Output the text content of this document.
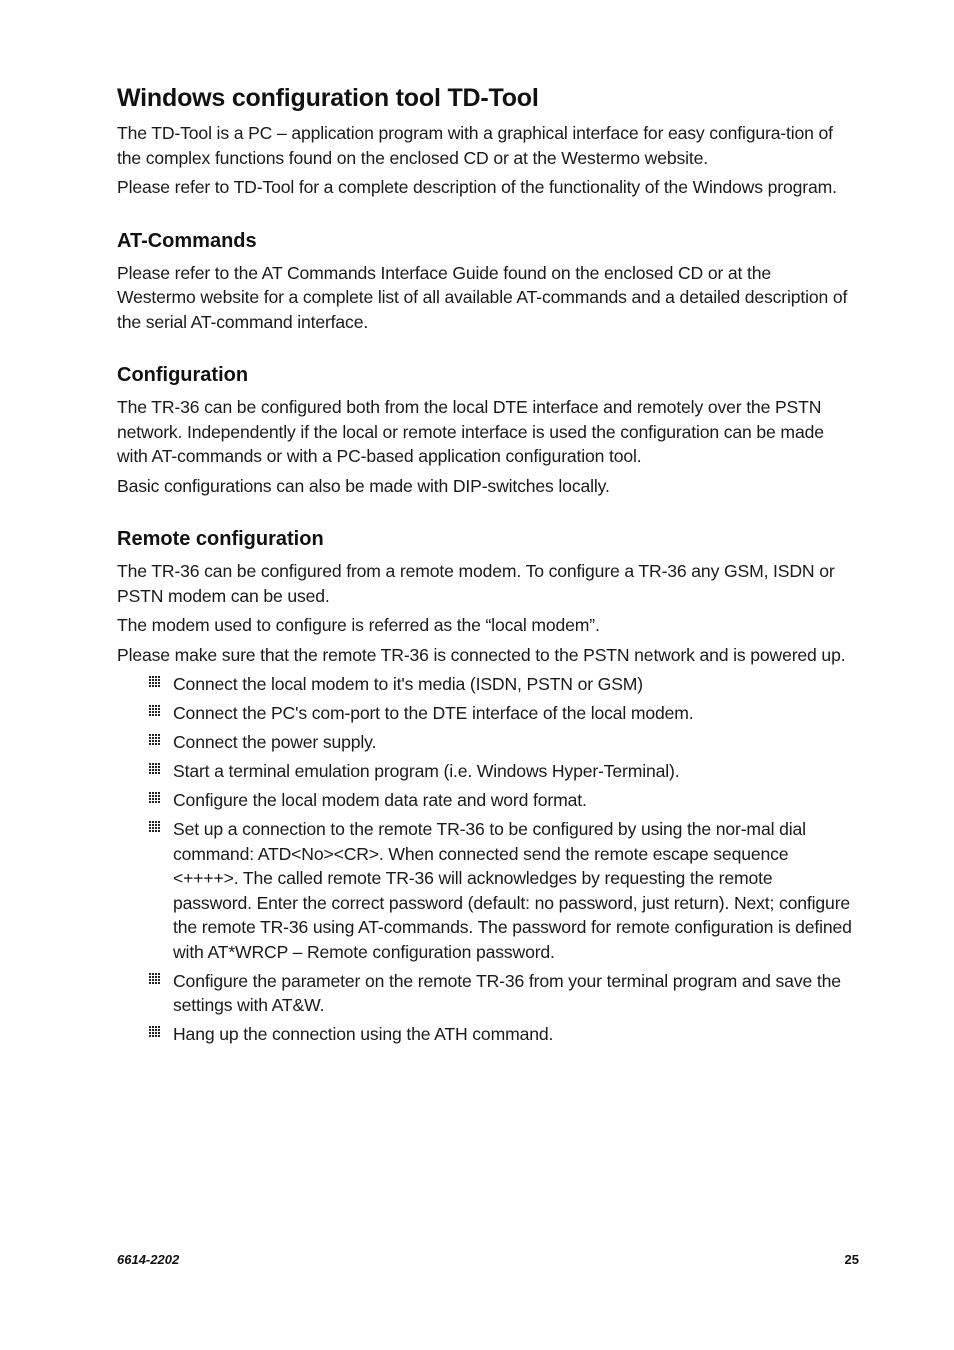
Windows configuration tool TD-Tool

The TD-Tool is a PC – application program with a graphical interface for easy configura-tion of the complex functions found on the enclosed CD or at the Westermo website.

Please refer to TD-Tool for a complete description of the functionality of the Windows program.

AT-Commands

Please refer to the AT Commands Interface Guide found on the enclosed CD or at the Westermo website for a complete list of all available AT-commands and a detailed description of the serial AT-command interface.

Configuration

The TR-36 can be configured both from the local DTE interface and remotely over the PSTN network. Independently if the local or remote interface is used the configuration can be made with AT-commands or with a PC-based application configuration tool.

Basic configurations can also be made with DIP-switches locally.

Remote configuration

The TR-36 can be configured from a remote modem. To configure a TR-36 any GSM, ISDN or PSTN modem can be used.

The modem used to configure is referred as the “local modem”.

Please make sure that the remote TR-36 is connected to the PSTN network and is powered up.

Connect the local modem to it's media (ISDN, PSTN or GSM)
Connect the PC's com-port to the DTE interface of the local modem.
Connect the power supply.
Start a terminal emulation program (i.e. Windows Hyper-Terminal).
Configure the local modem data rate and word format.
Set up a connection to the remote TR-36 to be configured by using the nor-mal dial command: ATD<No><CR>. When connected send the remote escape sequence <++++>. The called remote TR-36 will acknowledges by requesting the remote password. Enter the correct password (default: no password, just return). Next; configure the remote TR-36 using AT-commands. The password for remote configuration is defined with AT*WRCP – Remote configuration password.
Configure the parameter on the remote TR-36 from your terminal program and save the settings with AT&W.
Hang up the connection using the ATH command.
6614-2202	25
